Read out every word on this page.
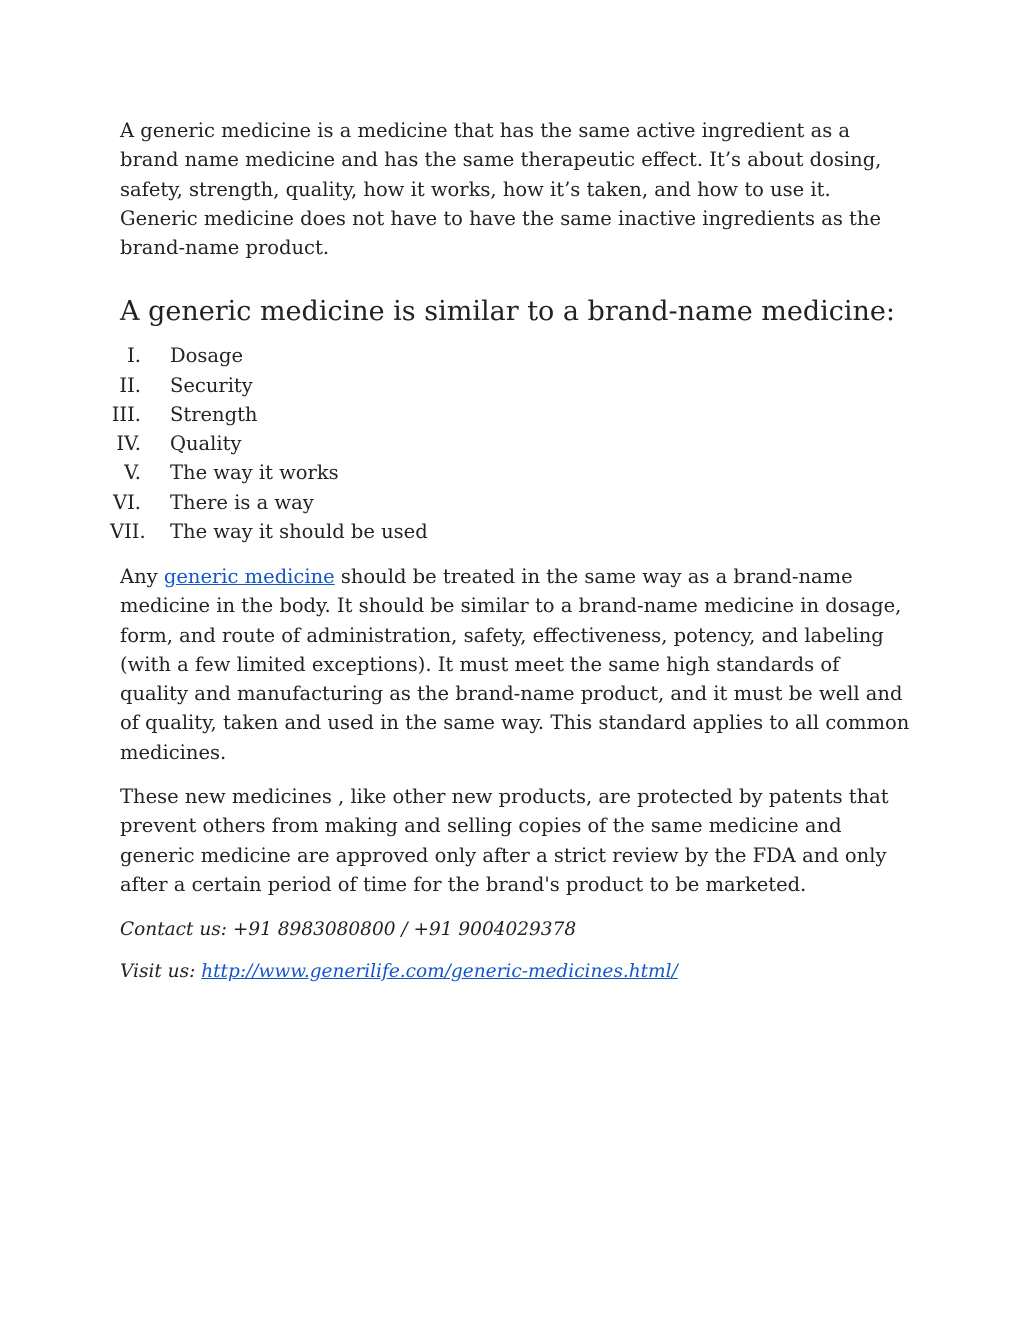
A generic medicine is a medicine that has the same active ingredient as a brand name medicine and has the same therapeutic effect. It’s about dosing, safety, strength, quality, how it works, how it’s taken, and how to use it. Generic medicine does not have to have the same inactive ingredients as the brand-name product.

A generic medicine is similar to a brand-name medicine:
I. Dosage
II. Security
III. Strength
IV. Quality
V. The way it works
VI. There is a way
VII. The way it should be used

Any generic medicine should be treated in the same way as a brand-name medicine in the body. It should be similar to a brand-name medicine in dosage, form, and route of administration, safety, effectiveness, potency, and labeling (with a few limited exceptions). It must meet the same high standards of quality and manufacturing as the brand-name product, and it must be well and of quality, taken and used in the same way. This standard applies to all common medicines.

These new medicines , like other new products, are protected by patents that prevent others from making and selling copies of the same medicine and generic medicine are approved only after a strict review by the FDA and only after a certain period of time for the brand's product to be marketed.

Contact us: +91 8983080800 / +91 9004029378

Visit us: http://www.generilife.com/generic-medicines.html/
